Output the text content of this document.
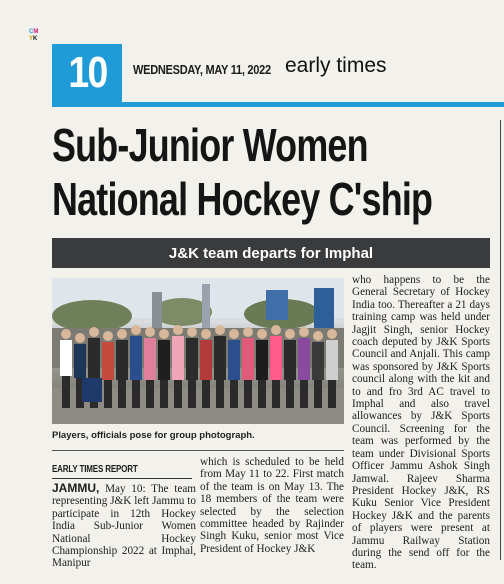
CM
YK
10 WEDNESDAY, MAY 11, 2022 early times
Sub-Junior Women
National Hockey C'ship
J&K team departs for Imphal
Players, officials pose for group photograph.
EARLY TIMES REPORT
JAMMU, May 10: The team representing J&K left Jammu to participate in 12th Hockey India Sub-Junior Women National Hockey Championship 2022 at Imphal, Manipur
which is scheduled to be held from May 11 to 22. First match of the team is on May 13. The 18 members of the team were selected by the selection committee headed by Rajinder Singh Kuku, senior most Vice President of Hockey J&K
who happens to be the General Secretary of Hockey India too. Thereafter a 21 days training camp was held under Jagjit Singh, senior Hockey coach deputed by J&K Sports Council and Anjali. This camp was sponsored by J&K Sports council along with the kit and to and fro 3rd AC travel to Imphal and also travel allowances by J&K Sports Council. Screening for the team was performed by the team under Divisional Sports Officer Jammu Ashok Singh Jamwal. Rajeev Sharma President Hockey J&K, RS Kuku Senior Vice President Hockey J&K and the parents of players were present at Jammu Railway Station during the send off for the team.
